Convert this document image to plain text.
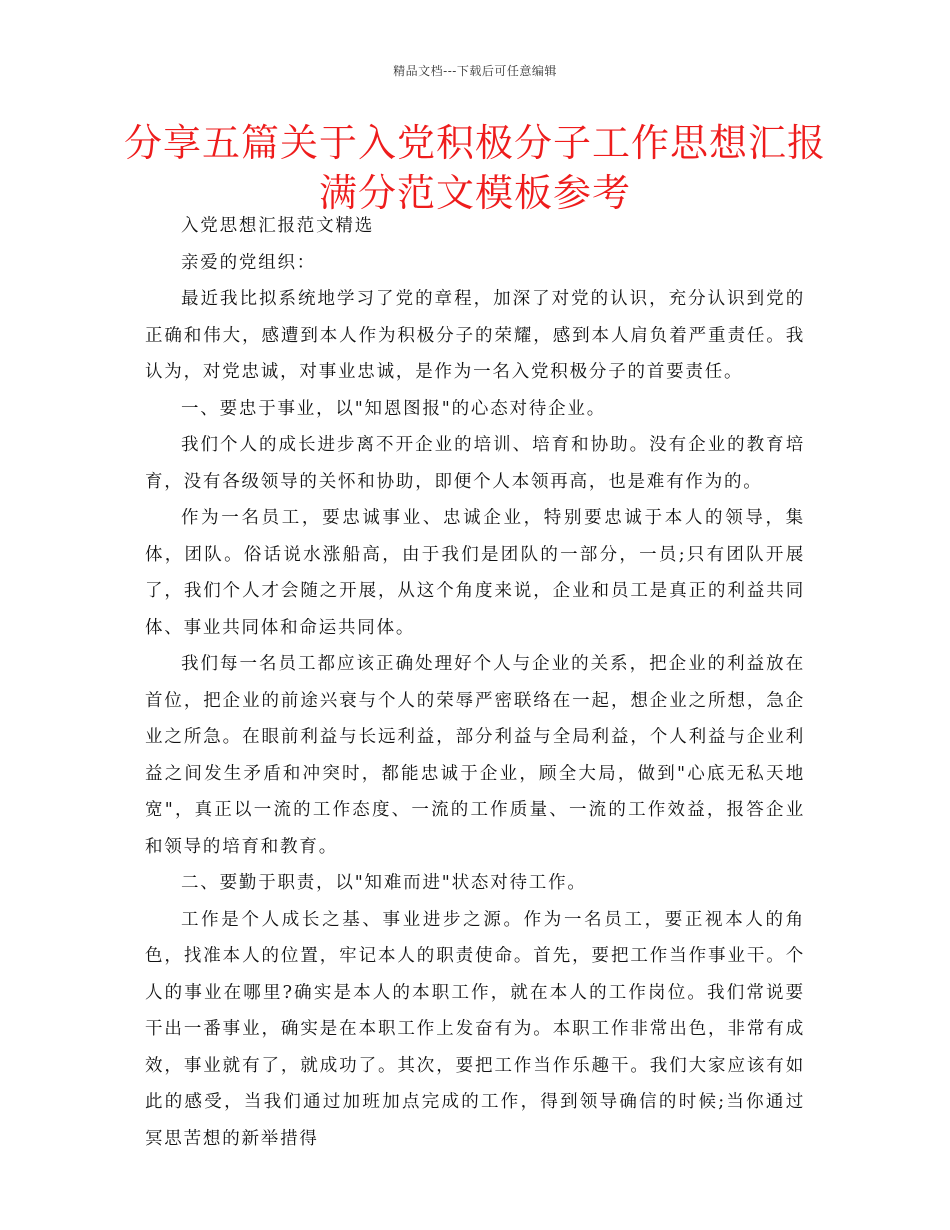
精品文档---下载后可任意编辑
分享五篇关于入党积极分子工作思想汇报
满分范文模板参考

入党思想汇报范文精选

亲爱的党组织：

最近我比拟系统地学习了党的章程，加深了对党的认识，充分认识到党的正确和伟大，感遭到本人作为积极分子的荣耀，感到本人肩负着严重责任。我认为，对党忠诚，对事业忠诚，是作为一名入党积极分子的首要责任。

一、要忠于事业，以"知恩图报"的心态对待企业。

我们个人的成长进步离不开企业的培训、培育和协助。没有企业的教育培育，没有各级领导的关怀和协助，即便个人本领再高，也是难有作为的。

作为一名员工，要忠诚事业、忠诚企业，特别要忠诚于本人的领导，集体，团队。俗话说水涨船高，由于我们是团队的一部分，一员;只有团队开展了，我们个人才会随之开展，从这个角度来说，企业和员工是真正的利益共同体、事业共同体和命运共同体。

我们每一名员工都应该正确处理好个人与企业的关系，把企业的利益放在首位，把企业的前途兴衰与个人的荣辱严密联络在一起，想企业之所想，急企业之所急。在眼前利益与长远利益，部分利益与全局利益，个人利益与企业利益之间发生矛盾和冲突时，都能忠诚于企业，顾全大局，做到"心底无私天地宽"，真正以一流的工作态度、一流的工作质量、一流的工作效益，报答企业和领导的培育和教育。

二、要勤于职责，以"知难而进"状态对待工作。

工作是个人成长之基、事业进步之源。作为一名员工，要正视本人的角色，找准本人的位置，牢记本人的职责使命。首先，要把工作当作事业干。个人的事业在哪里?确实是本人的本职工作，就在本人的工作岗位。我们常说要干出一番事业，确实是在本职工作上发奋有为。本职工作非常出色，非常有成效，事业就有了，就成功了。其次，要把工作当作乐趣干。我们大家应该有如此的感受，当我们通过加班加点完成的工作，得到领导确信的时候;当你通过冥思苦想的新举措得
